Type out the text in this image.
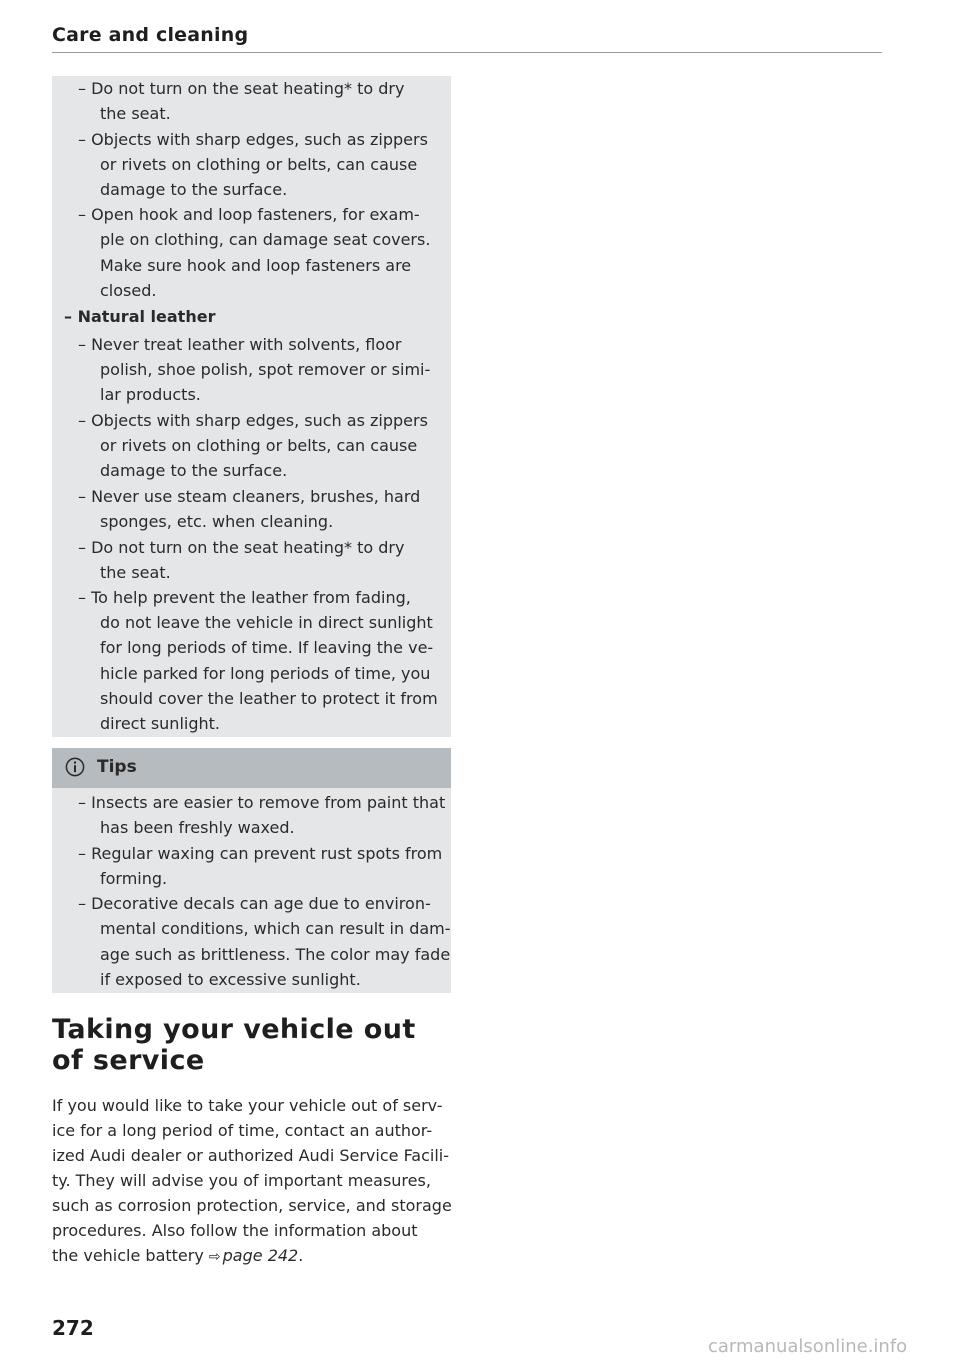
Care and cleaning
– Do not turn on the seat heating* to dry
the seat.
– Objects with sharp edges, such as zippers
or rivets on clothing or belts, can cause
damage to the surface.
– Open hook and loop fasteners, for exam-
ple on clothing, can damage seat covers.
Make sure hook and loop fasteners are
closed.
– Natural leather
– Never treat leather with solvents, floor
polish, shoe polish, spot remover or simi-
lar products.
– Objects with sharp edges, such as zippers
or rivets on clothing or belts, can cause
damage to the surface.
– Never use steam cleaners, brushes, hard
sponges, etc. when cleaning.
– Do not turn on the seat heating* to dry
the seat.
– To help prevent the leather from fading,
do not leave the vehicle in direct sunlight
for long periods of time. If leaving the ve-
hicle parked for long periods of time, you
should cover the leather to protect it from
direct sunlight.
Tips
– Insects are easier to remove from paint that
has been freshly waxed.
– Regular waxing can prevent rust spots from
forming.
– Decorative decals can age due to environ-
mental conditions, which can result in dam-
age such as brittleness. The color may fade
if exposed to excessive sunlight.
Taking your vehicle out
of service
If you would like to take your vehicle out of serv-
ice for a long period of time, contact an author-
ized Audi dealer or authorized Audi Service Facili-
ty. They will advise you of important measures,
such as corrosion protection, service, and storage
procedures. Also follow the information about
the vehicle battery ⇨ page 242.
272
carmanualsonline.info
